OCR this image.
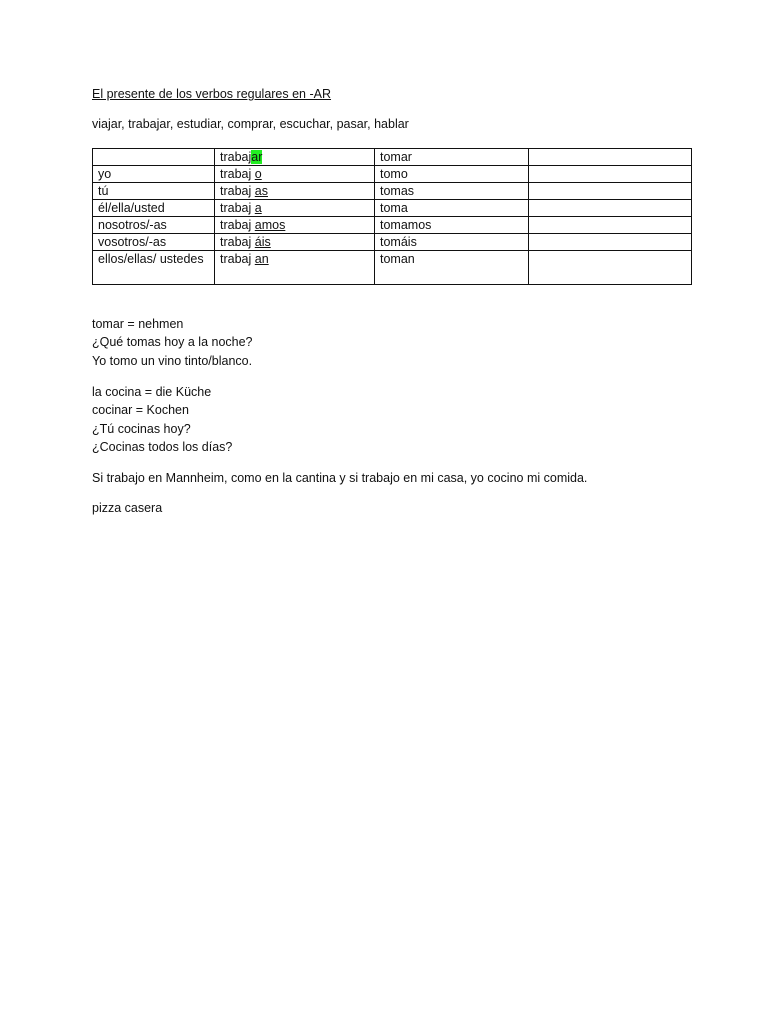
El presente de los verbos regulares en -AR
viajar, trabajar, estudiar, comprar, escuchar, pasar, hablar
	trabajar	tomar	
yo	trabaj o	tomo	
tú	trabaj as	tomas	
él/ella/usted	trabaj a	toma	
nosotros/-as	trabaj amos	tomamos	
vosotros/-as	trabaj áis	tomáis	
ellos/ellas/ ustedes	trabaj an	toman	
tomar = nehmen
¿Qué tomas hoy a la noche?
Yo tomo un vino tinto/blanco.
la cocina = die Küche
cocinar = Kochen
¿Tú cocinas hoy?
¿Cocinas todos los días?
Si trabajo en Mannheim, como en la cantina y si trabajo en mi casa, yo cocino mi comida.
pizza casera
